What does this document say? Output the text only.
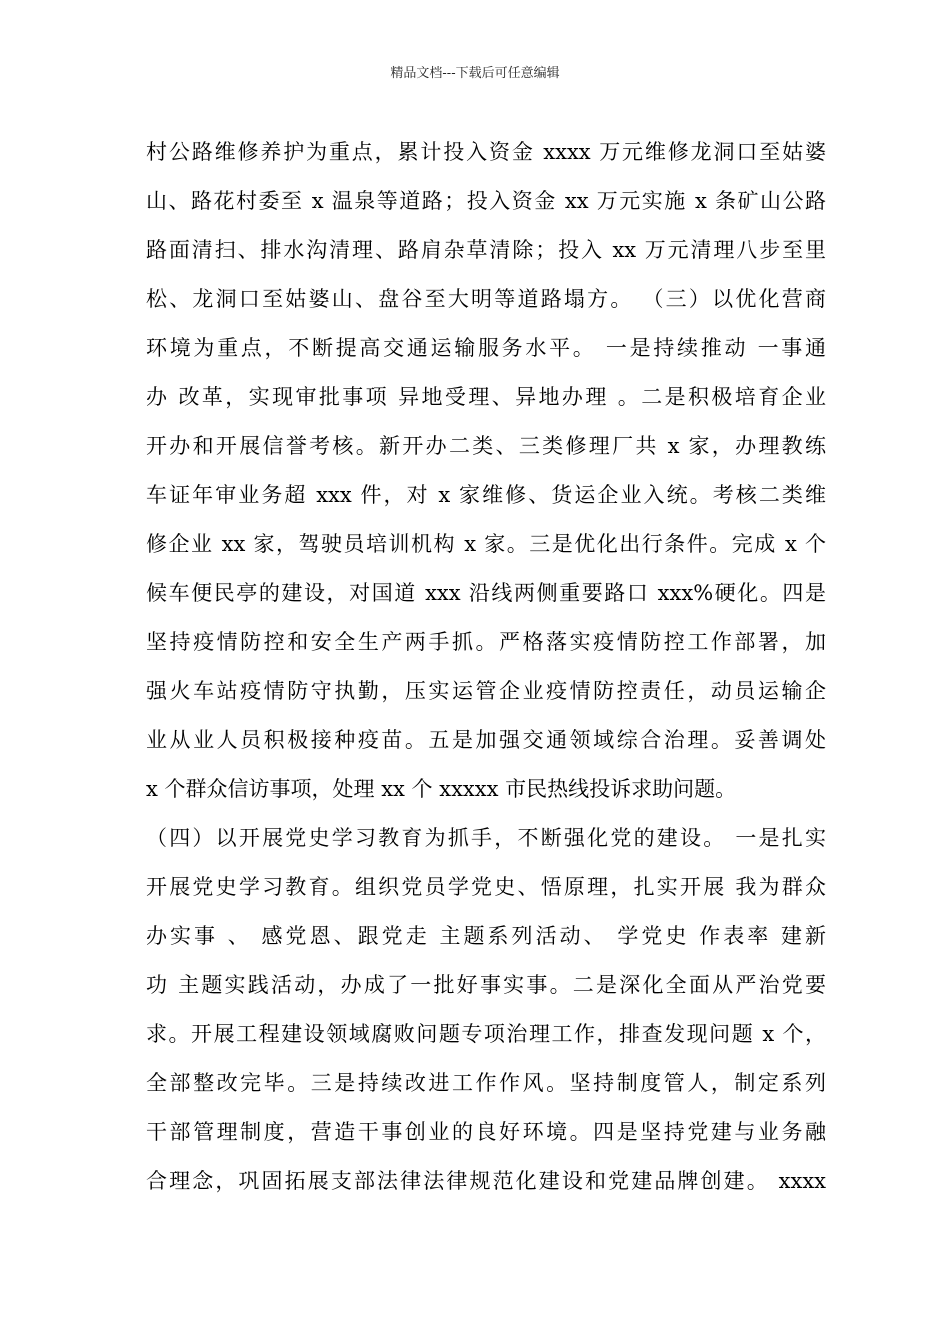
精品文档---下载后可任意编辑
村公路维修养护为重点，累计投入资金 xxxx 万元维修龙洞口至姑婆
山、路花村委至 x 温泉等道路；投入资金 xx 万元实施 x 条矿山公路
路面清扫、排水沟清理、路肩杂草清除；投入 xx 万元清理八步至里
松、龙洞口至姑婆山、盘谷至大明等道路塌方。 （三）以优化营商
环境为重点，不断提高交通运输服务水平。 一是持续推动 一事通
办 改革，实现审批事项 异地受理、异地办理 。二是积极培育企业
开办和开展信誉考核。新开办二类、三类修理厂共 x 家，办理教练
车证年审业务超 xxx 件，对 x 家维修、货运企业入统。考核二类维
修企业 xx 家，驾驶员培训机构 x 家。三是优化出行条件。完成 x 个
候车便民亭的建设，对国道 xxx 沿线两侧重要路口 xxx%硬化。四是
坚持疫情防控和安全生产两手抓。严格落实疫情防控工作部署，加
强火车站疫情防守执勤，压实运管企业疫情防控责任，动员运输企
业从业人员积极接种疫苗。五是加强交通领域综合治理。妥善调处
x 个群众信访事项，处理 xx 个 xxxxx 市民热线投诉求助问题。
（四）以开展党史学习教育为抓手，不断强化党的建设。 一是扎实
开展党史学习教育。组织党员学党史、悟原理，扎实开展 我为群众
办实事 、 感党恩、跟党走 主题系列活动、 学党史 作表率 建新
功 主题实践活动，办成了一批好事实事。二是深化全面从严治党要
求。开展工程建设领域腐败问题专项治理工作，排查发现问题 x 个，
全部整改完毕。三是持续改进工作作风。坚持制度管人，制定系列
干部管理制度，营造干事创业的良好环境。四是坚持党建与业务融
合理念，巩固拓展支部法律法律规范化建设和党建品牌创建。 xxxx
